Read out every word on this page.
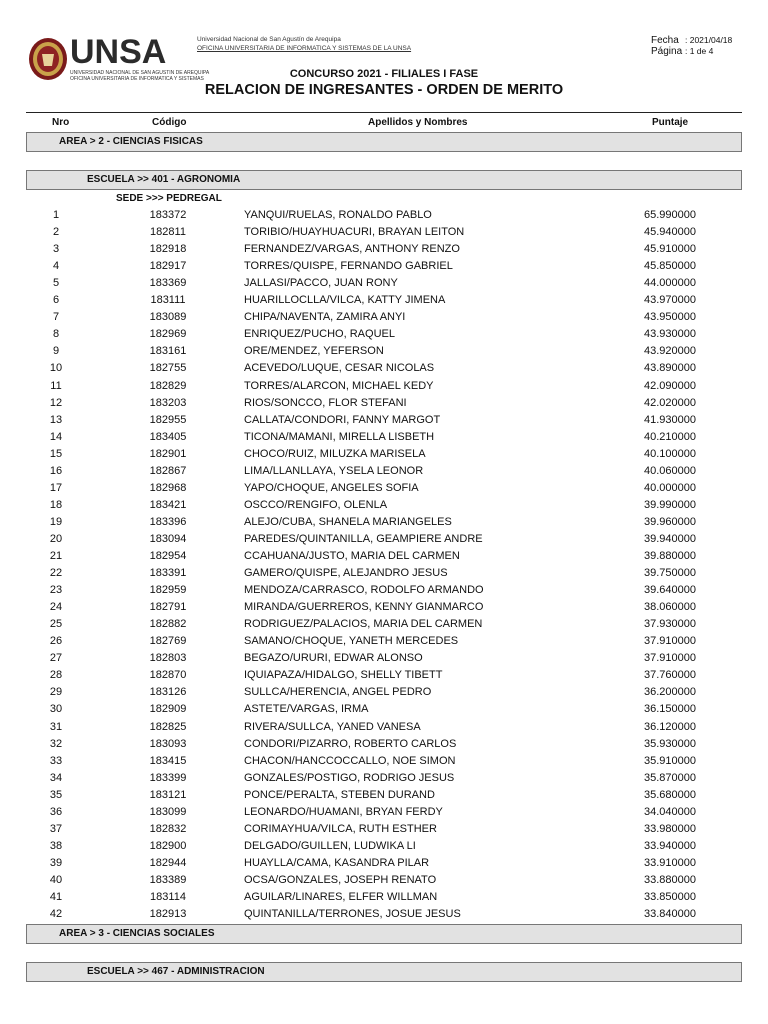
UNSA
UNIVERSIDAD NACIONAL DE SAN AGUSTIN DE AREQUIPA
OFICINA UNIVERSITARIA DE INFORMATICA Y SISTEMAS
Universidad Nacional de San Agustín de Arequipa
OFICINA UNIVERSITARIA DE INFORMATICA Y SISTEMAS DE LA UNSA
Fecha : 2021/04/18
Página : 1 de 4
CONCURSO 2021 - FILIALES I FASE
RELACION DE INGRESANTES - ORDEN DE MERITO
Nro	Código	Apellidos y Nombres	Puntaje
AREA > 2 - CIENCIAS FISICAS
ESCUELA >> 401 - AGRONOMIA
SEDE >>> PEDREGAL
1	183372	YANQUI/RUELAS, RONALDO PABLO	65.990000
2	182811	TORIBIO/HUAYHUACURI, BRAYAN LEITON	45.940000
3	182918	FERNANDEZ/VARGAS, ANTHONY RENZO	45.910000
4	182917	TORRES/QUISPE, FERNANDO GABRIEL	45.850000
5	183369	JALLASI/PACCO, JUAN RONY	44.000000
6	183111	HUARILLOCLLA/VILCA, KATTY JIMENA	43.970000
7	183089	CHIPA/NAVENTA, ZAMIRA ANYI	43.950000
8	182969	ENRIQUEZ/PUCHO, RAQUEL	43.930000
9	183161	ORE/MENDEZ, YEFERSON	43.920000
10	182755	ACEVEDO/LUQUE, CESAR NICOLAS	43.890000
11	182829	TORRES/ALARCON, MICHAEL KEDY	42.090000
12	183203	RIOS/SONCCO, FLOR STEFANI	42.020000
13	182955	CALLATA/CONDORI, FANNY MARGOT	41.930000
14	183405	TICONA/MAMANI, MIRELLA LISBETH	40.210000
15	182901	CHOCO/RUIZ, MILUZKA MARISELA	40.100000
16	182867	LIMA/LLANLLAYA, YSELA LEONOR	40.060000
17	182968	YAPO/CHOQUE, ANGELES SOFIA	40.000000
18	183421	OSCCO/RENGIFO, OLENLA	39.990000
19	183396	ALEJO/CUBA, SHANELA MARIANGELES	39.960000
20	183094	PAREDES/QUINTANILLA, GEAMPIERE ANDRE	39.940000
21	182954	CCAHUANA/JUSTO, MARIA DEL CARMEN	39.880000
22	183391	GAMERO/QUISPE, ALEJANDRO JESUS	39.750000
23	182959	MENDOZA/CARRASCO, RODOLFO ARMANDO	39.640000
24	182791	MIRANDA/GUERREROS, KENNY GIANMARCO	38.060000
25	182882	RODRIGUEZ/PALACIOS, MARIA DEL CARMEN	37.930000
26	182769	SAMANO/CHOQUE, YANETH MERCEDES	37.910000
27	182803	BEGAZO/URURI, EDWAR ALONSO	37.910000
28	182870	IQUIAPAZA/HIDALGO, SHELLY TIBETT	37.760000
29	183126	SULLCA/HERENCIA, ANGEL PEDRO	36.200000
30	182909	ASTETE/VARGAS, IRMA	36.150000
31	182825	RIVERA/SULLCA, YANED VANESA	36.120000
32	183093	CONDORI/PIZARRO, ROBERTO CARLOS	35.930000
33	183415	CHACON/HANCCOCCALLO, NOE SIMON	35.910000
34	183399	GONZALES/POSTIGO, RODRIGO JESUS	35.870000
35	183121	PONCE/PERALTA, STEBEN DURAND	35.680000
36	183099	LEONARDO/HUAMANI, BRYAN FERDY	34.040000
37	182832	CORIMAYHUA/VILCA, RUTH ESTHER	33.980000
38	182900	DELGADO/GUILLEN, LUDWIKA LI	33.940000
39	182944	HUAYLLA/CAMA, KASANDRA PILAR	33.910000
40	183389	OCSA/GONZALES, JOSEPH RENATO	33.880000
41	183114	AGUILAR/LINARES, ELFER WILLMAN	33.850000
42	182913	QUINTANILLA/TERRONES, JOSUE JESUS	33.840000
AREA > 3 - CIENCIAS SOCIALES
ESCUELA >> 467 - ADMINISTRACION
